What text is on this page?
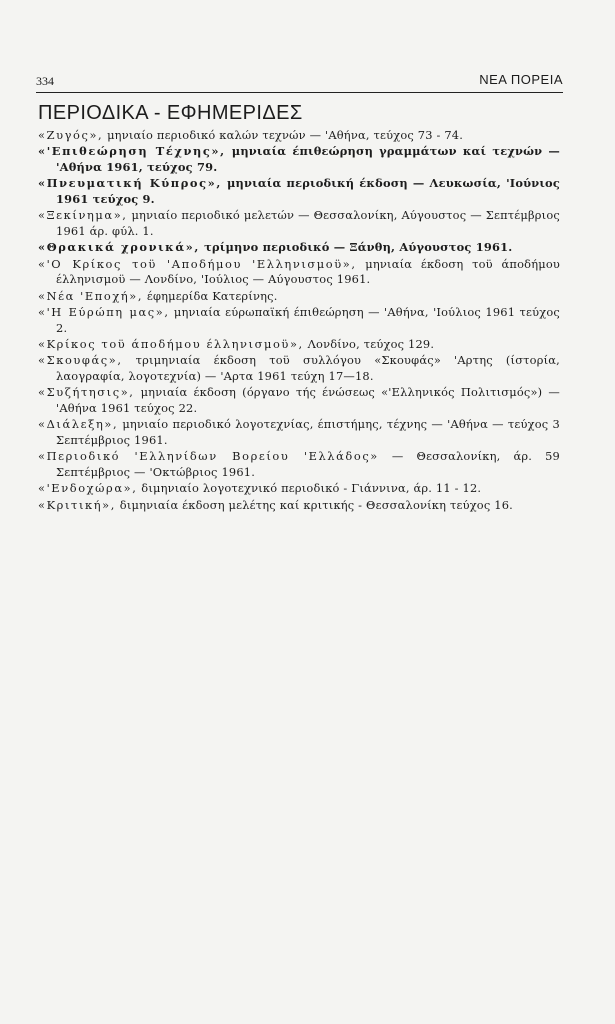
334	ΝΕΑ ΠΟΡΕΙΑ
ΠΕΡΙΟΔΙΚΑ - ΕΦΗΜΕΡΙΔΕΣ

«Ζυγός», μηνιαίο περιοδικό καλών τεχνών — 'Αθήνα, τεύχος 73 - 74.

«'Επιθεώρηση Τέχνης», μηνιαία έπιθεώρηση γραμμάτων καί τεχνών — 'Αθήνα 1961, τεύχος 79.

«Πνευματική Κύπρος», μηνιαία περιοδική έκδοση — Λευκωσία, 'Ιούνιος 1961 τεύχος 9.

«Ξεκίνημα», μηνιαίο περιοδικό μελετών — Θεσσαλονίκη, Αύγουστος — Σεπτέμβριος 1961 άρ. φύλ. 1.

«Θρακικά χρονικά», τρίμηνο περιοδικό — Ξάνθη, Αύγουστος 1961.

«'Ο Κρίκος τοϋ 'Αποδήμου 'Ελληνισμοϋ», μηνιαία έκδοση τοϋ άποδήμου έλληνισμοϋ — Λονδίνο, 'Ιούλιος — Αύγουστος 1961.

«Νέα 'Εποχή», έφημερίδα Κατερίνης.

«'Η Εύρώπη μας», μηνιαία εύρωπαϊκή έπιθεώρηση — 'Αθήνα, 'Ιούλιος 1961 τεύχος 2.

«Κρίκος τοϋ άποδήμου έλληνισμοϋ», Λονδίνο, τεύχος 129.

«Σκουφάς», τριμηνιαία έκδοση τοϋ συλλόγου «Σκουφάς» 'Αρτης (ίστορία, λαογραφία, λογοτεχνία) — 'Αρτα 1961 τεύχη 17—18.

«Συζήτησις», μηνιαία έκδοση (όργανο τής ένώσεως «'Ελληνικός Πολιτισμός») — 'Αθήνα 1961 τεύχος 22.

«Διάλεξη», μηνιαίο περιοδικό λογοτεχνίας, έπιστήμης, τέχνης — 'Αθήνα — τεύχος 3 Σεπτέμβριος 1961.

«Περιοδικό 'Ελληνίδων Βορείου 'Ελλάδος» — Θεσσαλονίκη, άρ. 59 Σεπτέμβριος — 'Οκτώβριος 1961.

«'Ενδοχώρα», διμηνιαίο λογοτεχνικό περιοδικό - Γιάννινα, άρ. 11 - 12.

«Κριτική», διμηνιαία έκδοση μελέτης καί κριτικής - Θεσσαλονίκη τεύχος 16.
